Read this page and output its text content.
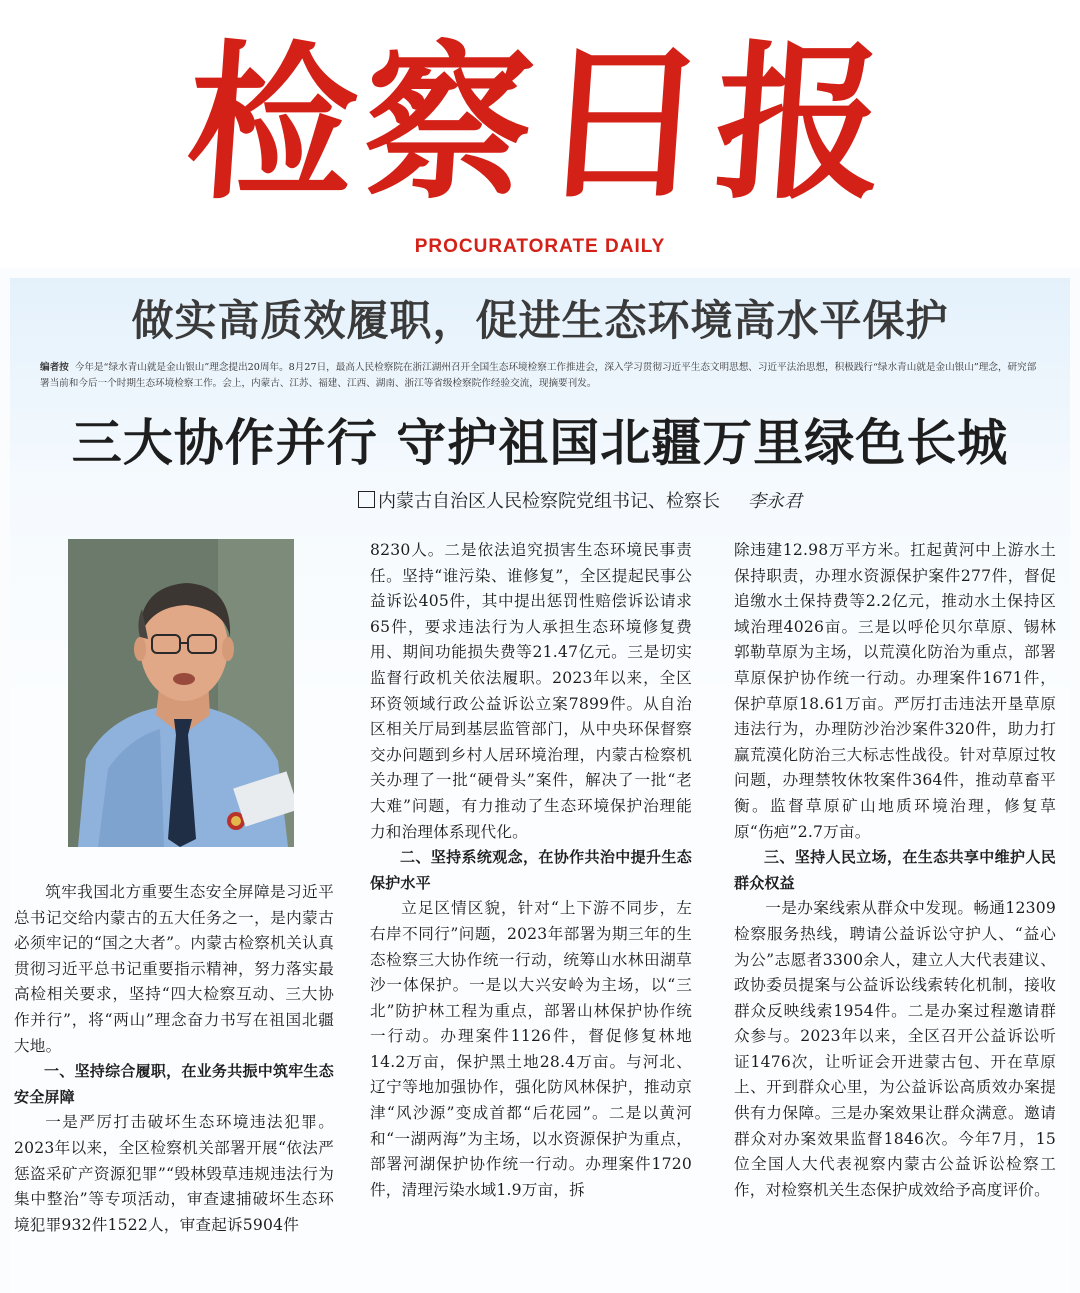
检察日报
PROCURATORATE DAILY
做实高质效履职，促进生态环境高水平保护
编者按 今年是“绿水青山就是金山银山”理念提出20周年。8月27日，最高人民检察院在浙江湖州召开全国生态环境检察工作推进会，深入学习贯彻习近平生态文明思想、习近平法治思想，积极践行“绿水青山就是金山银山”理念，研究部署当前和今后一个时期生态环境检察工作。会上，内蒙古、江苏、福建、江西、湖南、浙江等省级检察院作经验交流，现摘要刊发。
三大协作并行 守护祖国北疆万里绿色长城
内蒙古自治区人民检察院党组书记、检察长 李永君

筑牢我国北方重要生态安全屏障是习近平总书记交给内蒙古的五大任务之一，是内蒙古必须牢记的“国之大者”。内蒙古检察机关认真贯彻习近平总书记重要指示精神，努力落实最高检相关要求，坚持“四大检察互动、三大协作并行”，将“两山”理念奋力书写在祖国北疆大地。

一、坚持综合履职，在业务共振中筑牢生态安全屏障

一是严厉打击破坏生态环境违法犯罪。2023年以来，全区检察机关部署开展“依法严惩盗采矿产资源犯罪”“毁林毁草违规违法行为集中整治”等专项活动，审查逮捕破坏生态环境犯罪932件1522人，审查起诉5904件

8230人。二是依法追究损害生态环境民事责任。坚持“谁污染、谁修复”，全区提起民事公益诉讼405件，其中提出惩罚性赔偿诉讼请求65件，要求违法行为人承担生态环境修复费用、期间功能损失费等21.47亿元。三是切实监督行政机关依法履职。2023年以来，全区环资领域行政公益诉讼立案7899件。从自治区相关厅局到基层监管部门，从中央环保督察交办问题到乡村人居环境治理，内蒙古检察机关办理了一批“硬骨头”案件，解决了一批“老大难”问题，有力推动了生态环境保护治理能力和治理体系现代化。

二、坚持系统观念，在协作共治中提升生态保护水平

立足区情区貌，针对“上下游不同步，左右岸不同行”问题，2023年部署为期三年的生态检察三大协作统一行动，统筹山水林田湖草沙一体保护。一是以大兴安岭为主场，以“三北”防护林工程为重点，部署山林保护协作统一行动。办理案件1126件，督促修复林地14.2万亩，保护黑土地28.4万亩。与河北、辽宁等地加强协作，强化防风林保护，推动京津“风沙源”变成首都“后花园”。二是以黄河和“一湖两海”为主场，以水资源保护为重点，部署河湖保护协作统一行动。办理案件1720件，清理污染水域1.9万亩，拆

除违建12.98万平方米。扛起黄河中上游水土保持职责，办理水资源保护案件277件，督促追缴水土保持费等2.2亿元，推动水土保持区域治理4026亩。三是以呼伦贝尔草原、锡林郭勒草原为主场，以荒漠化防治为重点，部署草原保护协作统一行动。办理案件1671件，保护草原18.61万亩。严厉打击违法开垦草原违法行为，办理防沙治沙案件320件，助力打赢荒漠化防治三大标志性战役。针对草原过牧问题，办理禁牧休牧案件364件，推动草畜平衡。监督草原矿山地质环境治理，修复草原“伤疤”2.7万亩。

三、坚持人民立场，在生态共享中维护人民群众权益

一是办案线索从群众中发现。畅通12309检察服务热线，聘请公益诉讼守护人、“益心为公”志愿者3300余人，建立人大代表建议、政协委员提案与公益诉讼线索转化机制，接收群众反映线索1954件。二是办案过程邀请群众参与。2023年以来，全区召开公益诉讼听证1476次，让听证会开进蒙古包、开在草原上、开到群众心里，为公益诉讼高质效办案提供有力保障。三是办案效果让群众满意。邀请群众对办案效果监督1846次。今年7月，15位全国人大代表视察内蒙古公益诉讼检察工作，对检察机关生态保护成效给予高度评价。
